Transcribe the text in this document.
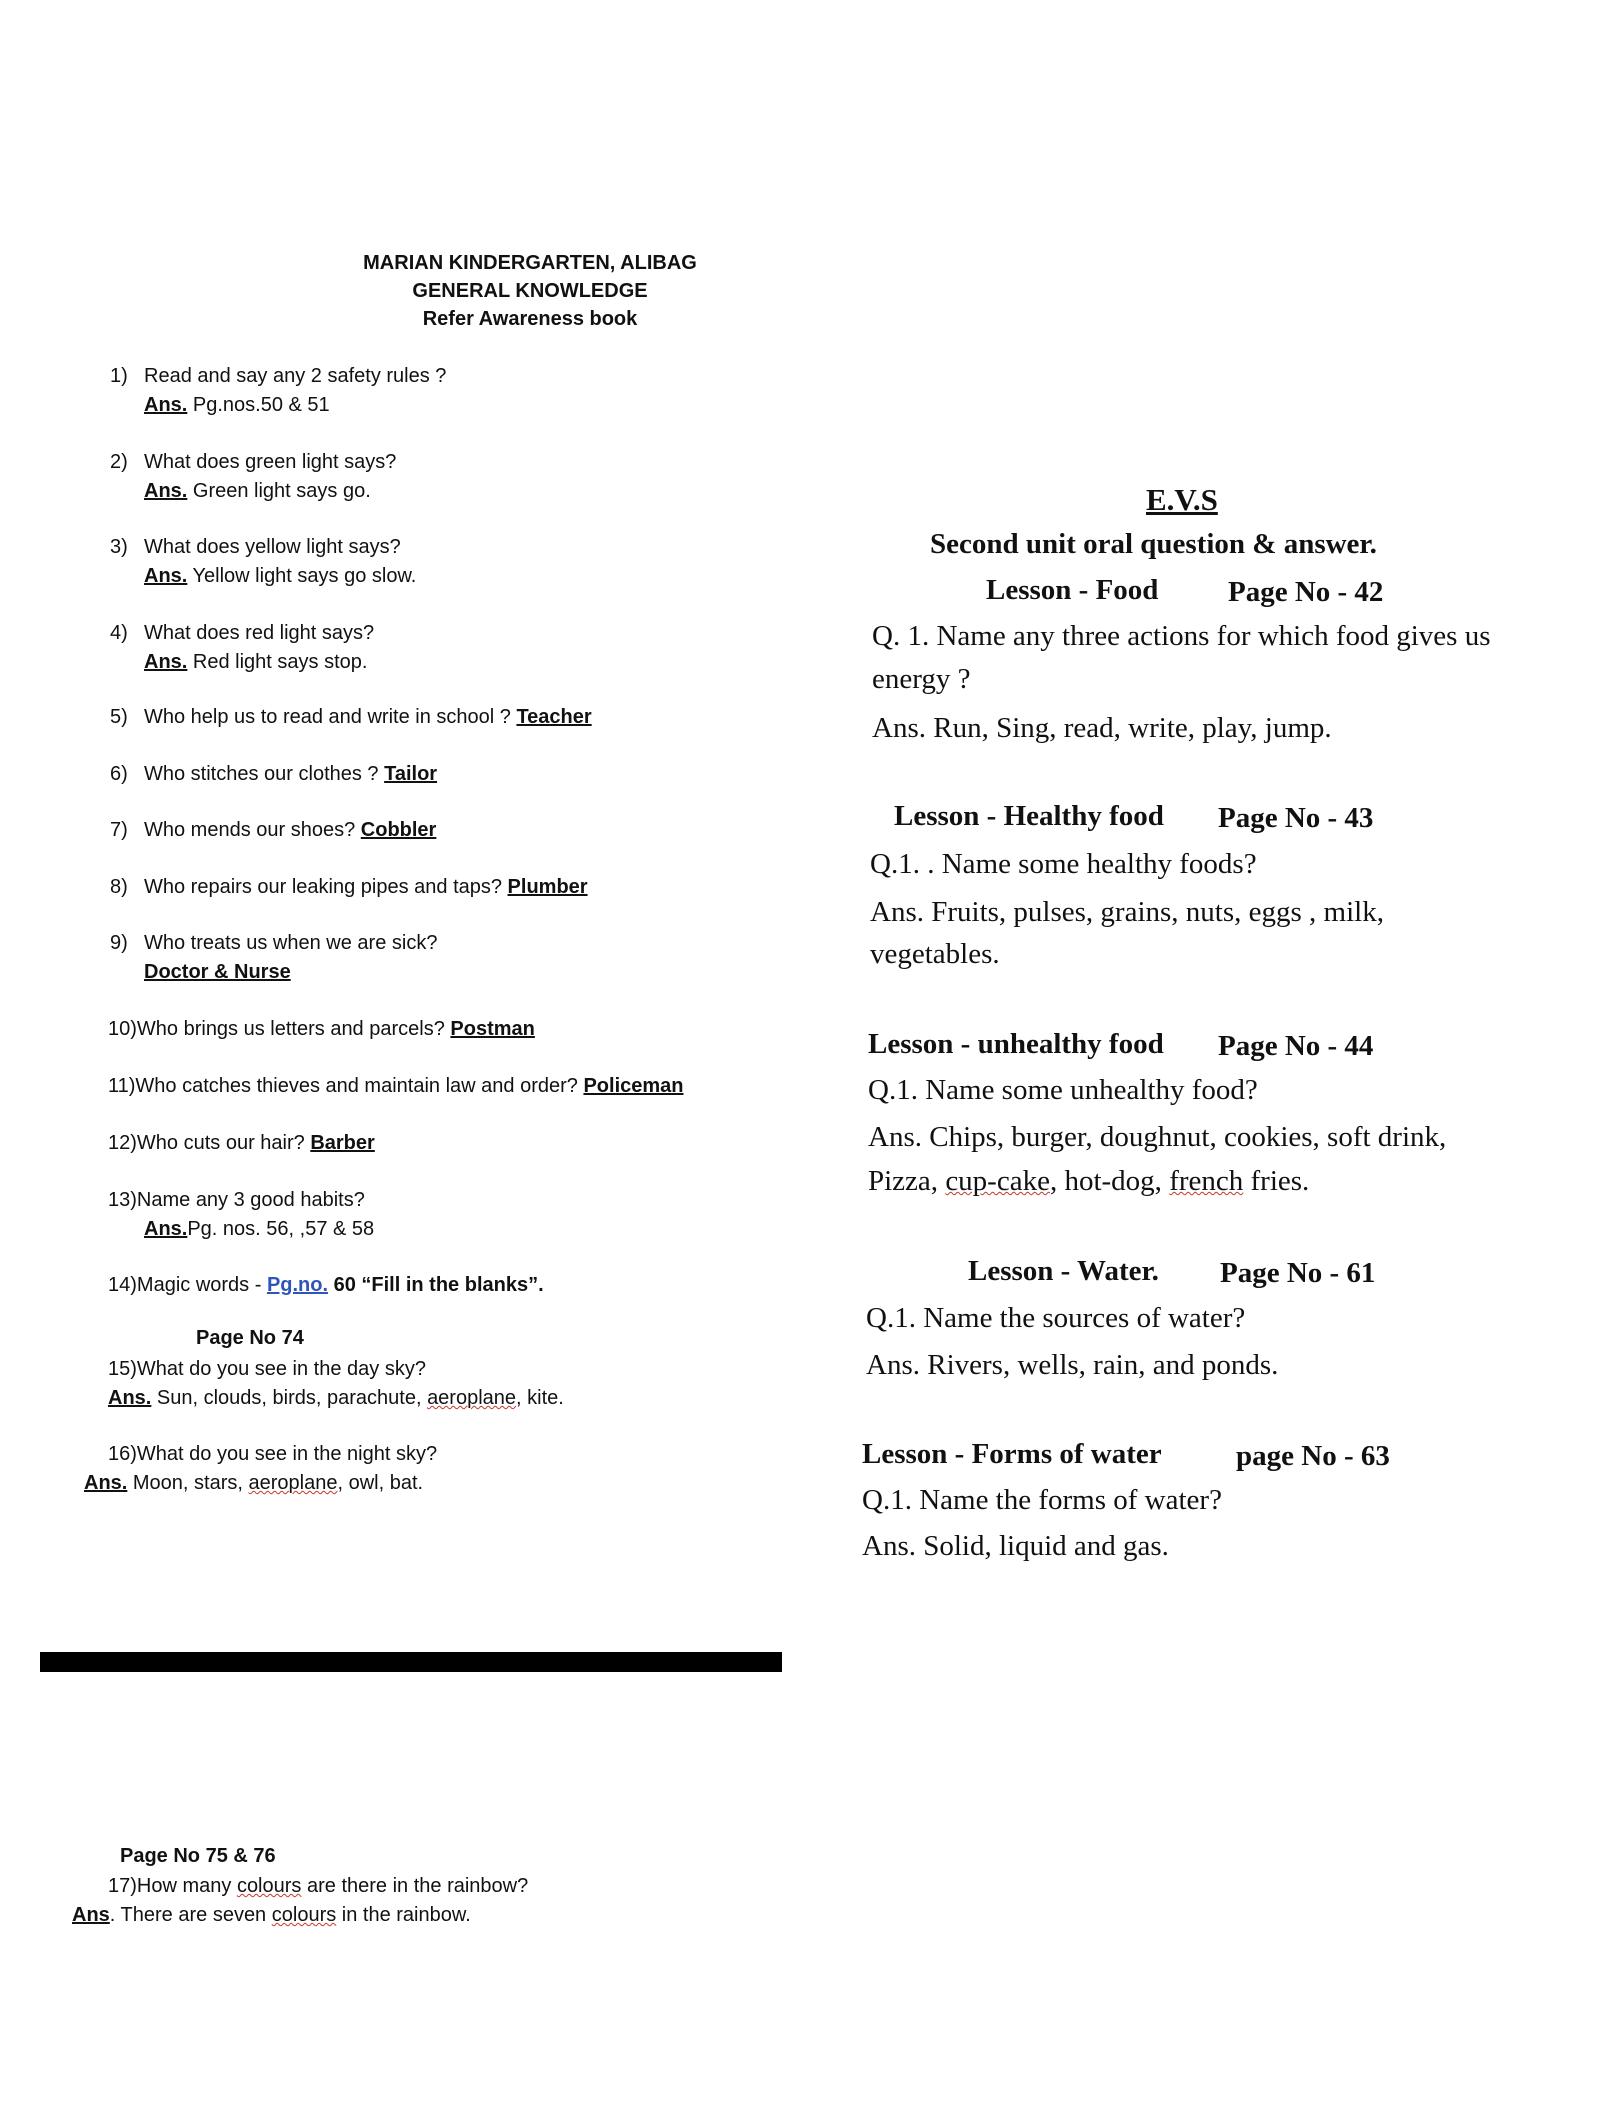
MARIAN KINDERGARTEN, ALIBAG
GENERAL KNOWLEDGE
Refer Awareness book
1) Read and say any 2 safety rules ?
Ans. Pg.nos.50 & 51
2) What does green light says?
Ans. Green light says go.
3) What does yellow light says?
Ans. Yellow light says go slow.
4) What does red light says?
Ans. Red light says stop.
5) Who help us to read and write in school ? Teacher
6) Who stitches our clothes ? Tailor
7) Who mends our shoes? Cobbler
8) Who repairs our leaking pipes and taps? Plumber
9) Who treats us when we are sick?
Doctor & Nurse
10)Who brings us letters and parcels? Postman
11)Who catches thieves and maintain law and order? Policeman
12)Who cuts our hair? Barber
13)Name any 3 good habits?
Ans.Pg. nos. 56, ,57 & 58
14)Magic words - Pg.no. 60 “Fill in the blanks”.
Page No 74
15)What do you see in the day sky?
Ans. Sun, clouds, birds, parachute, aeroplane, kite.
16)What do you see in the night sky?
Ans. Moon, stars, aeroplane, owl, bat.
Page No 75 & 76
17)How many colours are there in the rainbow?
Ans. There are seven colours in the rainbow.
E.V.S
Second unit oral question & answer.
Lesson - Food Page No - 42
Q. 1. Name any three actions for which food gives us
energy ?
Ans. Run, Sing, read, write, play, jump.
Lesson - Healthy food Page No - 43
Q.1. . Name some healthy foods?
Ans. Fruits, pulses, grains, nuts, eggs , milk,
vegetables.
Lesson - unhealthy food Page No - 44
Q.1. Name some unhealthy food?
Ans. Chips, burger, doughnut, cookies, soft drink,
Pizza, cup-cake, hot-dog, french fries.
Lesson - Water. Page No - 61
Q.1. Name the sources of water?
Ans. Rivers, wells, rain, and ponds.
Lesson - Forms of water	page No - 63
Q.1. Name the forms of water?
Ans. Solid, liquid and gas.
